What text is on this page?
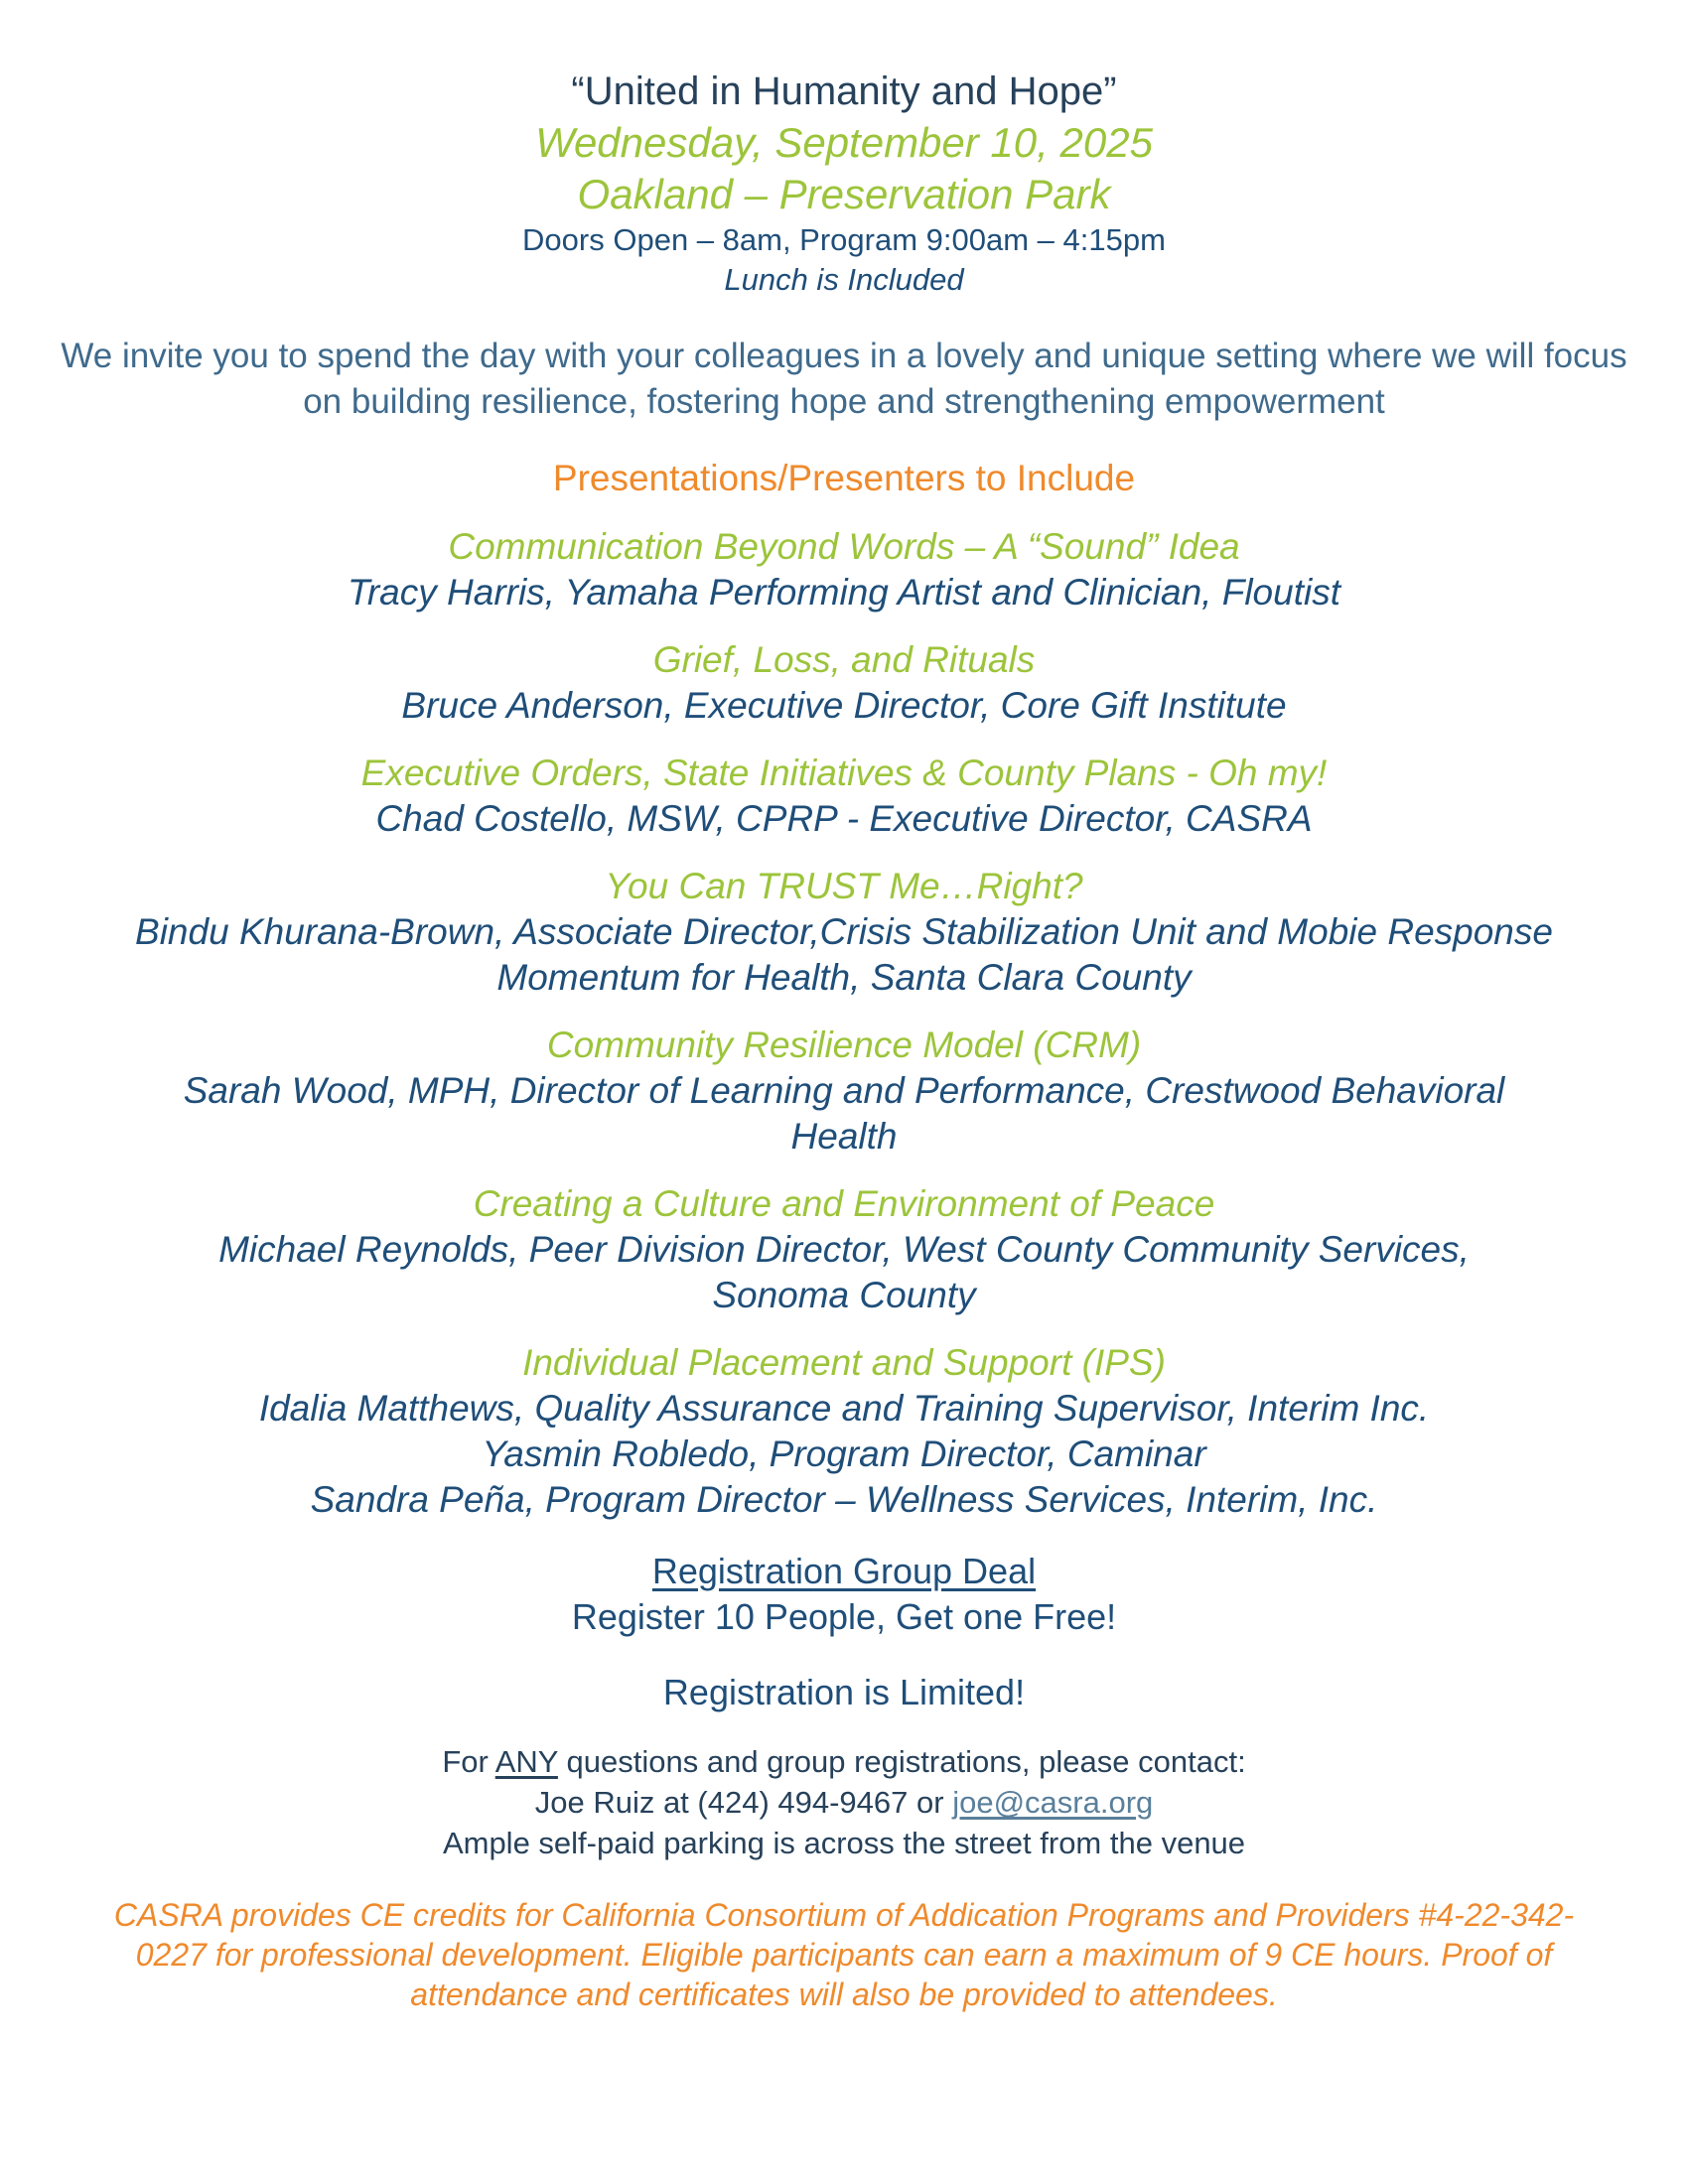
“United in Humanity and Hope”

Wednesday, September 10, 2025

Oakland – Preservation Park

Doors Open – 8am, Program 9:00am – 4:15pm

Lunch is Included

We invite you to spend the day with your colleagues in a lovely and unique setting where we will focus on building resilience, fostering hope and strengthening empowerment

Presentations/Presenters to Include

Communication Beyond Words – A “Sound” Idea

Tracy Harris, Yamaha Performing Artist and Clinician, Floutist

Grief, Loss, and Rituals

Bruce Anderson, Executive Director, Core Gift Institute

Executive Orders, State Initiatives & County Plans - Oh my!

Chad Costello, MSW, CPRP - Executive Director, CASRA

You Can TRUST Me…Right?

Bindu Khurana-Brown, Associate Director,Crisis Stabilization Unit and Mobie Response

Momentum for Health, Santa Clara County

Community Resilience Model (CRM)

Sarah Wood, MPH, Director of Learning and Performance, Crestwood Behavioral

Health

Creating a Culture and Environment of Peace

Michael Reynolds, Peer Division Director, West County Community Services,

Sonoma County

Individual Placement and Support (IPS)

Idalia Matthews, Quality Assurance and Training Supervisor, Interim Inc.

Yasmin Robledo, Program Director, Caminar

Sandra Peña, Program Director – Wellness Services, Interim, Inc.

Registration Group Deal

Register 10 People, Get one Free!

Registration is Limited!

For ANY questions and group registrations, please contact:

Joe Ruiz at (424) 494-9467 or joe@casra.org

Ample self-paid parking is across the street from the venue

CASRA provides CE credits for California Consortium of Addication Programs and Providers #4-22-342-0227 for professional development. Eligible participants can earn a maximum of 9 CE hours. Proof of attendance and certificates will also be provided to attendees.
